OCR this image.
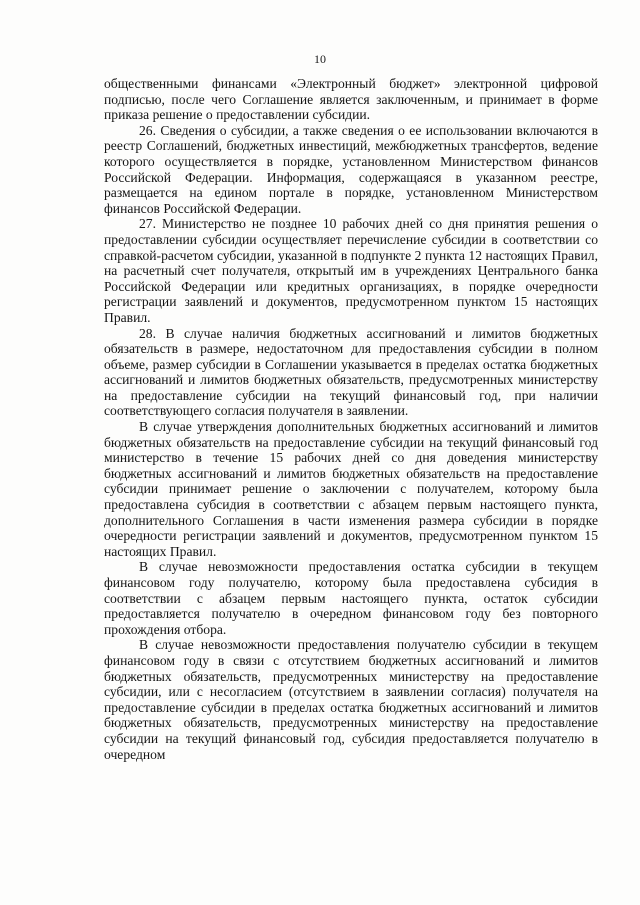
10

общественными финансами «Электронный бюджет» электронной цифровой подписью, после чего Соглашение является заключенным, и принимает в форме приказа решение о предоставлении субсидии.

26. Сведения о субсидии, а также сведения о ее использовании включаются в реестр Соглашений, бюджетных инвестиций, межбюджетных трансфертов, ведение которого осуществляется в порядке, установленном Министерством финансов Российской Федерации. Информация, содержащаяся в указанном реестре, размещается на едином портале в порядке, установленном Министерством финансов Российской Федерации.

27. Министерство не позднее 10 рабочих дней со дня принятия решения о предоставлении субсидии осуществляет перечисление субсидии в соответствии со справкой-расчетом субсидии, указанной в подпункте 2 пункта 12 настоящих Правил, на расчетный счет получателя, открытый им в учреждениях Центрального банка Российской Федерации или кредитных организациях, в порядке очередности регистрации заявлений и документов, предусмотренном пунктом 15 настоящих Правил.

28. В случае наличия бюджетных ассигнований и лимитов бюджетных обязательств в размере, недостаточном для предоставления субсидии в полном объеме, размер субсидии в Соглашении указывается в пределах остатка бюджетных ассигнований и лимитов бюджетных обязательств, предусмотренных министерству на предоставление субсидии на текущий финансовый год, при наличии соответствующего согласия получателя в заявлении.

В случае утверждения дополнительных бюджетных ассигнований и лимитов бюджетных обязательств на предоставление субсидии на текущий финансовый год министерство в течение 15 рабочих дней со дня доведения министерству бюджетных ассигнований и лимитов бюджетных обязательств на предоставление субсидии принимает решение о заключении с получателем, которому была предоставлена субсидия в соответствии с абзацем первым настоящего пункта, дополнительного Соглашения в части изменения размера субсидии в порядке очередности регистрации заявлений и документов, предусмотренном пунктом 15 настоящих Правил.

В случае невозможности предоставления остатка субсидии в текущем финансовом году получателю, которому была предоставлена субсидия в соответствии с абзацем первым настоящего пункта, остаток субсидии предоставляется получателю в очередном финансовом году без повторного прохождения отбора.

В случае невозможности предоставления получателю субсидии в текущем финансовом году в связи с отсутствием бюджетных ассигнований и лимитов бюджетных обязательств, предусмотренных министерству на предоставление субсидии, или с несогласием (отсутствием в заявлении согласия) получателя на предоставление субсидии в пределах остатка бюджетных ассигнований и лимитов бюджетных обязательств, предусмотренных министерству на предоставление субсидии на текущий финансовый год, субсидия предоставляется получателю в очередном
